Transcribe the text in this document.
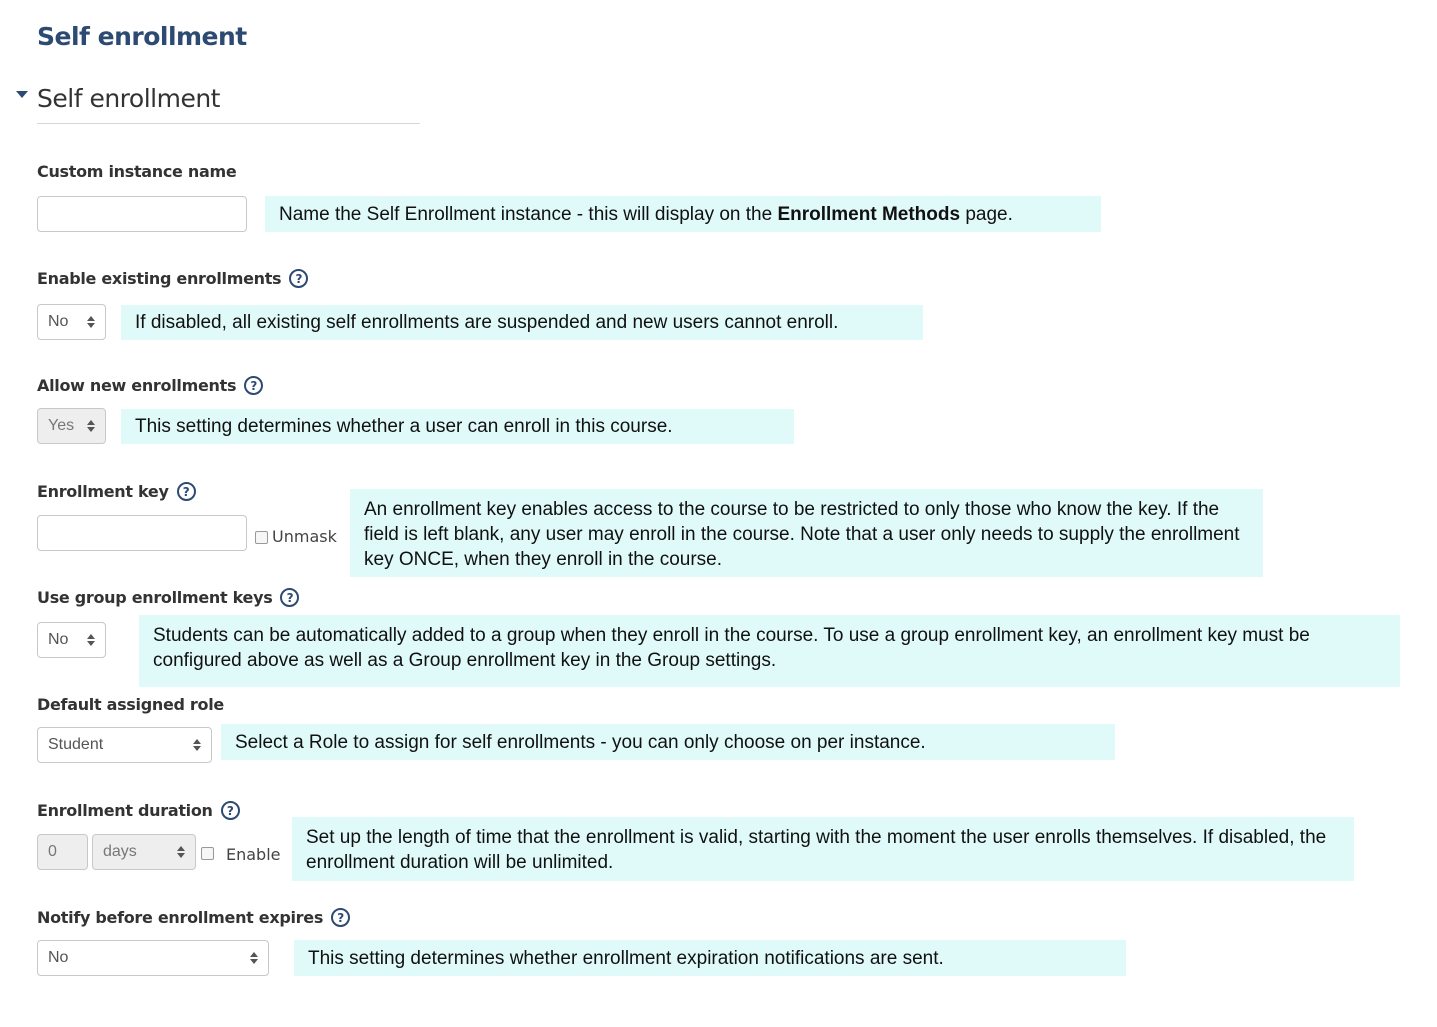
Self enrollment
Self enrollment
Custom instance name
Name the Self Enrollment instance - this will display on the Enrollment Methods page.
Enable existing enrollments	?
No	If disabled, all existing self enrollments are suspended and new users cannot enroll.
Allow new enrollments	?
Yes	This setting determines whether a user can enroll in this course.
Enrollment key	?
Unmask
An enrollment key enables access to the course to be restricted to only those who know the key. If the field is left blank, any user may enroll in the course. Note that a user only needs to supply the enrollment key ONCE, when they enroll in the course.
Use group enrollment keys	?
No	Students can be automatically added to a group when they enroll in the course. To use a group enrollment key, an enrollment key must be configured above as well as a Group enrollment key in the Group settings.
Default assigned role
Student	Select a Role to assign for self enrollments - you can only choose on per instance.
Enrollment duration	?
0	days	Enable
Set up the length of time that the enrollment is valid, starting with the moment the user enrolls themselves. If disabled, the enrollment duration will be unlimited.
Notify before enrollment expires	?
No	This setting determines whether enrollment expiration notifications are sent.
